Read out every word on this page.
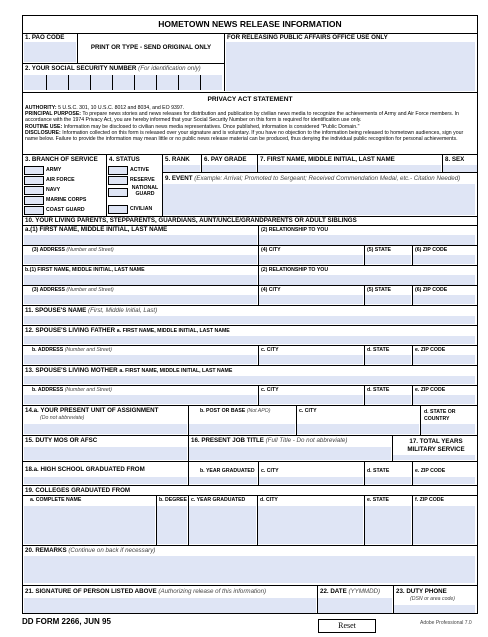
HOMETOWN NEWS RELEASE INFORMATION
1. PAO CODE
PRINT OR TYPE - SEND ORIGINAL ONLY
FOR RELEASING PUBLIC AFFAIRS OFFICE USE ONLY
2. YOUR SOCIAL SECURITY NUMBER (For identification only)
PRIVACY ACT STATEMENT
AUTHORITY: 5 U.S.C. 301, 10 U.S.C. 8012 and 8034, and EO 9397.
PRINCIPAL PURPOSE: To prepare news stories and news releases for distribution and publication by civilian news media to recognize the achievements of Army and Air Force members. In accordance with the 1974 Privacy Act, you are hereby informed that your Social Security Number on this form is required for identification use only.
ROUTINE USE: Information may be disclosed to civilian news media representatives. Once published, information is considered "Public Domain."
DISCLOSURE: Information collected on this form is released over your signature and is voluntary. If you have no objection to the information being released to hometown audiences, sign your name below. Failure to provide the information may mean little or no public news release material can be produced, thus denying the individual public recognition for personal achievements.
3. BRANCH OF SERVICE 4. STATUS	5. RANK 6. PAY GRADE 7. FIRST NAME, MIDDLE INITIAL, LAST NAME	8. SEX
9. EVENT (Example: Arrival; Promoted to Sergeant; Received Commendation Medal, etc.- Citation Needed)
ARMY
AIR FORCE
NAVY
MARINE CORPS
COAST GUARD
ACTIVE
RESERVE
NATIONAL GUARD
CIVILIAN
10. YOUR LIVING PARENTS, STEPPARENTS, GUARDIANS, AUNT/UNCLE/GRANDPARENTS OR ADULT SIBLINGS
a.(1) FIRST NAME, MIDDLE INITIAL, LAST NAME	(2) RELATIONSHIP TO YOU
(3) ADDRESS (Number and Street)	(4) CITY	(5) STATE	(6) ZIP CODE
b.(1) FIRST NAME, MIDDLE INITIAL, LAST NAME	(2) RELATIONSHIP TO YOU
(3) ADDRESS (Number and Street)	(4) CITY	(5) STATE	(6) ZIP CODE
11. SPOUSE'S NAME (First, Middle Initial, Last)
12. SPOUSE'S LIVING FATHER a. FIRST NAME, MIDDLE INITIAL, LAST NAME
b. ADDRESS (Number and Street)	c. CITY	d. STATE	e. ZIP CODE
13. SPOUSE'S LIVING MOTHER a. FIRST NAME, MIDDLE INITIAL, LAST NAME
b. ADDRESS (Number and Street)	c. CITY	d. STATE	e. ZIP CODE
14.a. YOUR PRESENT UNIT OF ASSIGNMENT
(Do not abbreviate)
b. POST OR BASE (Not APO)	c. CITY	d. STATE OR COUNTRY
15. DUTY MOS OR AFSC	16. PRESENT JOB TITLE (Full Title - Do not abbreviate)	17. TOTAL YEARS MILITARY SERVICE
18.a. HIGH SCHOOL GRADUATED FROM	b. YEAR GRADUATED c. CITY	d. STATE	e. ZIP CODE
19. COLLEGES GRADUATED FROM
a. COMPLETE NAME	b. DEGREE c. YEAR GRADUATED	d. CITY	e. STATE	f. ZIP CODE
20. REMARKS (Continue on back if necessary)
21. SIGNATURE OF PERSON LISTED ABOVE (Authorizing release of this information)	22. DATE (YYMMDD)	23. DUTY PHONE
(DSN or area code)
DD FORM 2266, JUN 95	Reset	Adobe Professional 7.0
